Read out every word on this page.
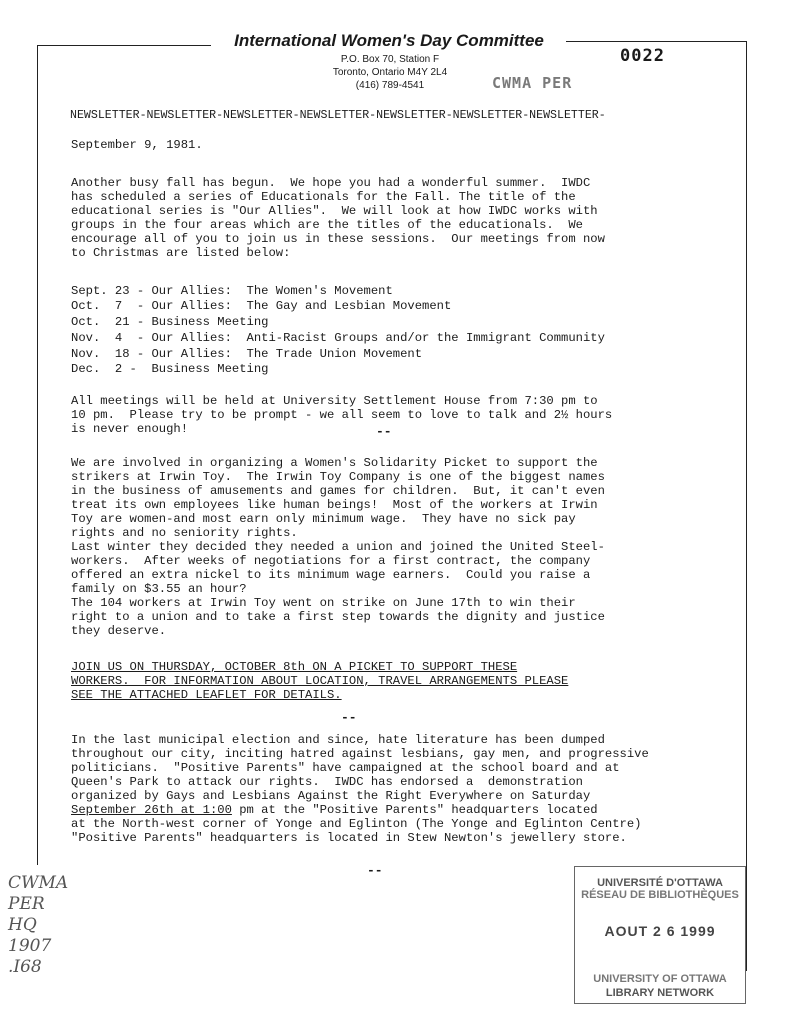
International Women's Day Committee
P.O. Box 70, Station F
Toronto, Ontario M4Y 2L4
(416) 789-4541
0022
CWMA PER
NEWSLETTER-NEWSLETTER-NEWSLETTER-NEWSLETTER-NEWSLETTER-NEWSLETTER-NEWSLETTER-
September 9, 1981.
Another busy fall has begun.  We hope you had a wonderful summer.  IWDC
has scheduled a series of Educationals for the Fall. The title of the
educational series is "Our Allies".  We will look at how IWDC works with
groups in the four areas which are the titles of the educationals.  We
encourage all of you to join us in these sessions.  Our meetings from now
to Christmas are listed below:
Sept. 23 - Our Allies:  The Women's Movement
Oct.  7  - Our Allies:  The Gay and Lesbian Movement
Oct.  21 - Business Meeting
Nov.  4  - Our Allies:  Anti-Racist Groups and/or the Immigrant Community
Nov.  18 - Our Allies:  The Trade Union Movement
Dec.  2 -  Business Meeting
All meetings will be held at University Settlement House from 7:30 pm to
10 pm.  Please try to be prompt - we all seem to love to talk and 2½ hours
is never enough!	--
We are involved in organizing a Women's Solidarity Picket to support the
strikers at Irwin Toy.  The Irwin Toy Company is one of the biggest names
in the business of amusements and games for children.  But, it can't even
treat its own employees like human beings!  Most of the workers at Irwin
Toy are women-and most earn only minimum wage.  They have no sick pay
rights and no seniority rights.
Last winter they decided they needed a union and joined the United Steel-
workers.  After weeks of negotiations for a first contract, the company
offered an extra nickel to its minimum wage earners.  Could you raise a
family on $3.55 an hour?
The 104 workers at Irwin Toy went on strike on June 17th to win their
right to a union and to take a first step towards the dignity and justice
they deserve.
JOIN US ON THURSDAY, OCTOBER 8th ON A PICKET TO SUPPORT THESE
WORKERS.  FOR INFORMATION ABOUT LOCATION, TRAVEL ARRANGEMENTS PLEASE
SEE THE ATTACHED LEAFLET FOR DETAILS.
--
In the last municipal election and since, hate literature has been dumped
throughout our city, inciting hatred against lesbians, gay men, and progressive
politicians.  "Positive Parents" have campaigned at the school board and at
Queen's Park to attack our rights.  IWDC has endorsed a  demonstration
organized by Gays and Lesbians Against the Right Everywhere on Saturday
September 26th at 1:00 pm at the "Positive Parents" headquarters located
at the North-west corner of Yonge and Eglinton (The Yonge and Eglinton Centre)
"Positive Parents" headquarters is located in Stew Newton's jewellery store.
--
CWMA
PER
HQ
1907
.I68
UNIVERSITÉ D'OTTAWA
RÉSEAU DE BIBLIOTHÈQUES
AOUT 2 6 1999
UNIVERSITY OF OTTAWA
LIBRARY NETWORK
